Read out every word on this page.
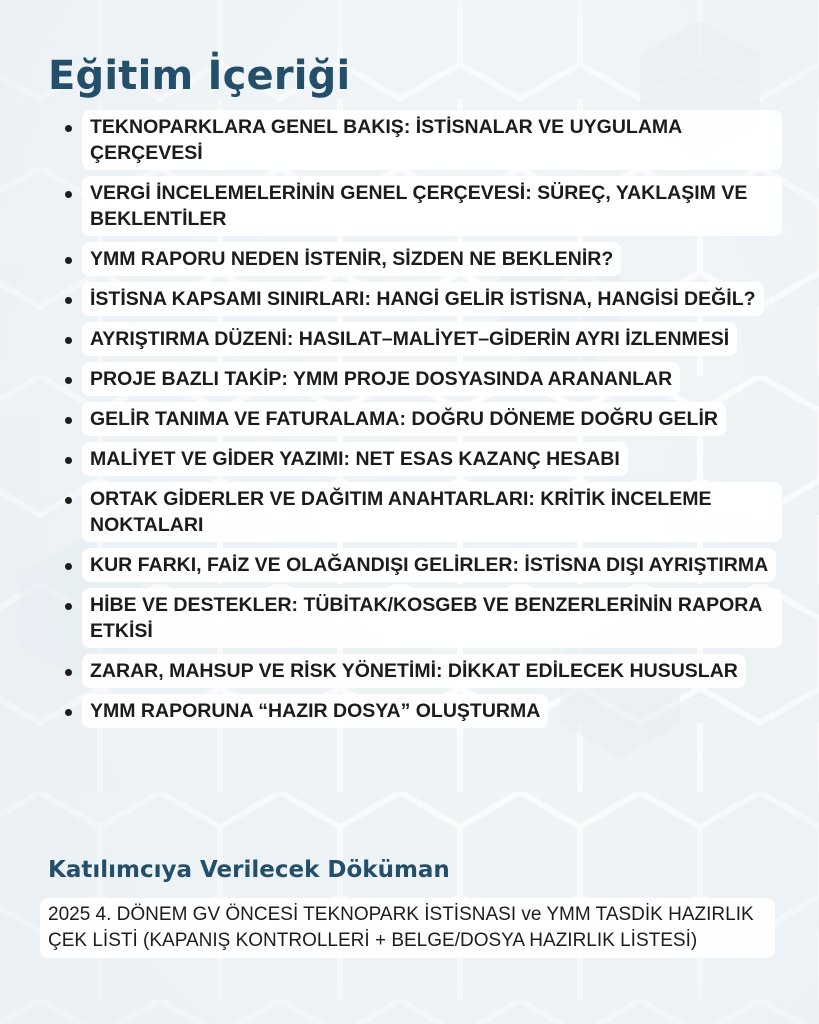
Eğitim İçeriği
TEKNOPARKLARA GENEL BAKIŞ: İSTİSNALAR VE UYGULAMA ÇERÇEVESİ
VERGİ İNCELEMELERİNİN GENEL ÇERÇEVESİ: SÜREÇ, YAKLAŞIM VE BEKLENTİLER
YMM RAPORU NEDEN İSTENİR, SİZDEN NE BEKLENİR?
İSTİSNA KAPSAMI SINIRLARI: HANGİ GELİR İSTİSNA, HANGİSİ DEĞİL?
AYRIŞTIRMA DÜZENİ: HASILAT–MALİYET–GİDERİN AYRI İZLENMESİ
PROJE BAZLI TAKİP: YMM PROJE DOSYASINDA ARANANLAR
GELİR TANIMA VE FATURALAMA: DOĞRU DÖNEME DOĞRU GELİR
MALİYET VE GİDER YAZIMI: NET ESAS KAZANÇ HESABI
ORTAK GİDERLER VE DAĞITIM ANAHTARLARI: KRİTİK İNCELEME NOKTALARI
KUR FARKI, FAİZ VE OLAĞANDIŞI GELİRLER: İSTİSNA DIŞI AYRIŞTIRMA
HİBE VE DESTEKLER: TÜBİTAK/KOSGEB VE BENZERLERİNİN RAPORA ETKİSİ
ZARAR, MAHSUP VE RİSK YÖNETİMİ: DİKKAT EDİLECEK HUSUSLAR
YMM RAPORUNA “HAZIR DOSYA” OLUŞTURMA
Katılımcıya Verilecek Döküman
2025 4. DÖNEM GV ÖNCESİ TEKNOPARK İSTİSNASI ve YMM TASDİK HAZIRLIK ÇEK LİSTİ (KAPANIŞ KONTROLLERİ + BELGE/DOSYA HAZIRLIK LİSTESİ)
